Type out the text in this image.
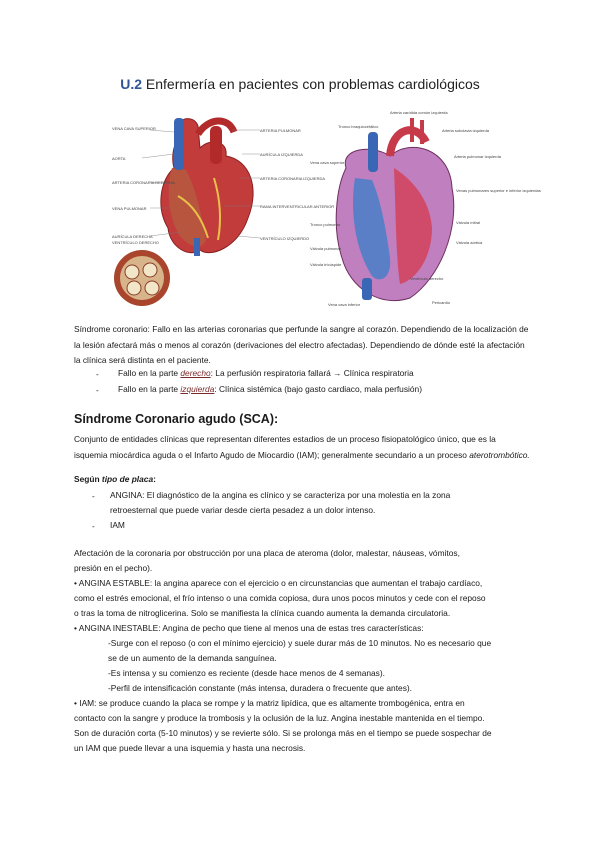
U.2 Enfermería en pacientes con problemas cardiológicos
VENA CAVA SUPERIOR
AORTA
ARTERIA CORONARIA DERECHA
VENA PULMONAR
AURÍCULA DERECHA
VENTRÍCULO DERECHO
ARTERIA PULMONAR
AURÍCULA IZQUIERDA
ARTERIA CORONARIA IZQUIERDA
RAMA INTERVENTRICULAR ANTERIOR
VENTRÍCULO IZQUIERDO
Arteria carótida común izquierda
Tronco braquiocefálico
Arteria subclavia izquierda
Arteria pulmonar izquierda
Vena cava superior
Venas pulmonares superior e inferior izquierdas
Tronco pulmonar	Válvula mitral
Válvula aórtica
Válvula pulmonar
Válvula tricúspide
Ventrículo derecho
Vena cava inferior	Pericardio
Síndrome coronario: Fallo en las arterias coronarias que perfunde la sangre al corazón. Dependiendo de la localización de la lesión afectará más o menos al corazón (derivaciones del electro afectadas). Dependiendo de dónde esté la afectación la clínica será distinta en el paciente.
- Fallo en la parte derecho: La perfusión respiratoria fallará → Clínica respiratoria
- Fallo en la parte izquierda: Clínica sistémica (bajo gasto cardiaco, mala perfusión)
Síndrome Coronario agudo (SCA):
Conjunto de entidades clínicas que representan diferentes estadios de un proceso fisiopatológico único, que es la isquemia miocárdica aguda o el Infarto Agudo de Miocardio (IAM); generalmente secundario a un proceso aterotrombótico.
Según tipo de placa:
- ANGINA: El diagnóstico de la angina es clínico y se caracteriza por una molestia en la zona
retroesternal que puede variar desde cierta pesadez a un dolor intenso.
- IAM
Afectación de la coronaria por obstrucción por una placa de ateroma (dolor, malestar, náuseas, vómitos,
presión en el pecho).
• ANGINA ESTABLE: la angina aparece con el ejercicio o en circunstancias que aumentan el trabajo cardíaco,
como el estrés emocional, el frío intenso o una comida copiosa, dura unos pocos minutos y cede con el reposo
o tras la toma de nitroglicerina. Solo se manifiesta la clínica cuando aumenta la demanda circulatoria.
• ANGINA INESTABLE: Angina de pecho que tiene al menos una de estas tres características:
-Surge con el reposo (o con el mínimo ejercicio) y suele durar más de 10 minutos. No es necesario que
se de un aumento de la demanda sanguínea.
-Es intensa y su comienzo es reciente (desde hace menos de 4 semanas).
-Perfil de intensificación constante (más intensa, duradera o frecuente que antes).
• IAM: se produce cuando la placa se rompe y la matriz lipídica, que es altamente trombogénica, entra en
contacto con la sangre y produce la trombosis y la oclusión de la luz. Angina inestable mantenida en el tiempo.
Son de duración corta (5-10 minutos) y se revierte sólo. Si se prolonga más en el tiempo se puede sospechar de
un IAM que puede llevar a una isquemia y hasta una necrosis.
